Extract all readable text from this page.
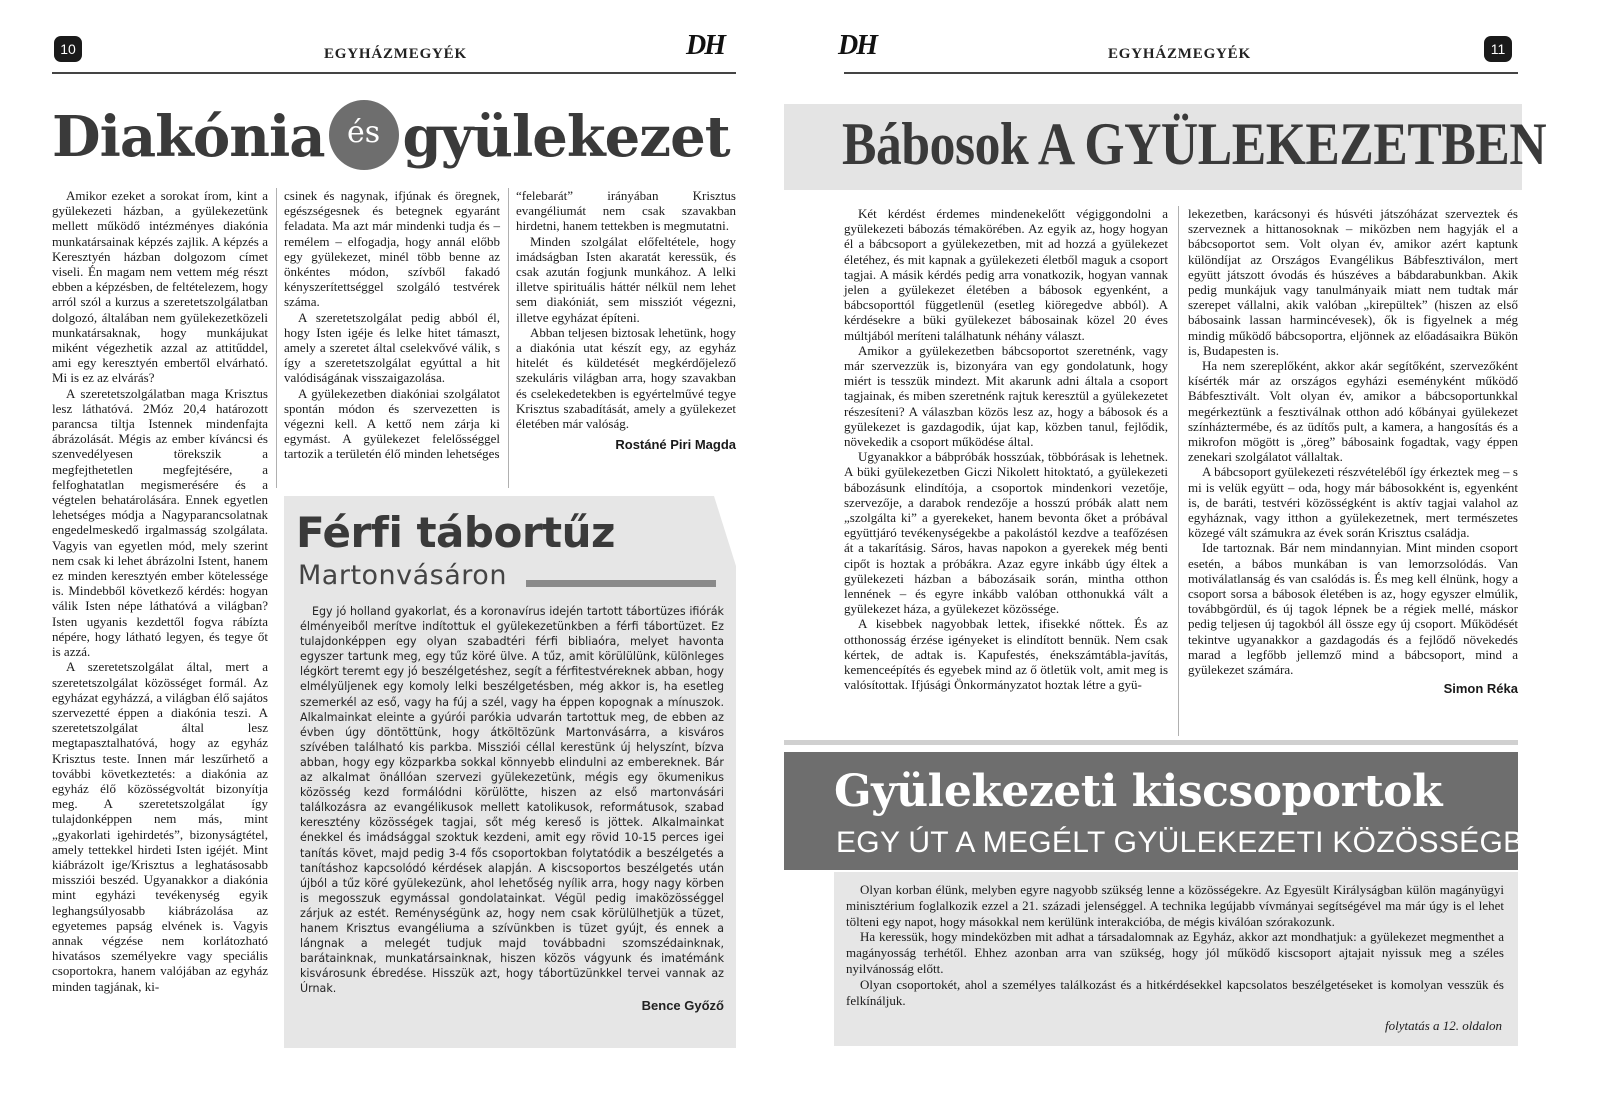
10	EGYHÁZMEGYÉK	DH
Diakónia és gyülekezet

Amikor ezeket a sorokat írom, kint a gyülekezeti házban, a gyülekezetünk mellett működő intézményes diakónia munkatársainak képzés zajlik. A képzés a Keresztyén házban dolgozom címet viseli. Én magam nem vettem még részt ebben a képzésben, de feltételezem, hogy arról szól a kurzus a szeretetszolgálatban dolgozó, általában nem gyülekezetközeli munkatársaknak, hogy munkájukat miként végezhetik azzal az attitűddel, ami egy keresztyén embertől elvárható. Mi is ez az elvárás?

A szeretetszolgálatban maga Krisztus lesz láthatóvá. 2Móz 20,4 határozott parancsa tiltja Istennek mindenfajta ábrázolását. Mégis az ember kíváncsi és szenvedélyesen törekszik a megfejthetetlen megfejtésére, a felfoghatatlan megismerésére és a végtelen behatárolására. Ennek egyetlen lehetséges módja a Nagyparancsolatnak engedelmeskedő irgalmasság szolgálata. Vagyis van egyetlen mód, mely szerint nem csak ki lehet ábrázolni Istent, hanem ez minden keresztyén ember kötelessége is. Mindebből következő kérdés: hogyan válik Isten népe láthatóvá a világban? Isten ugyanis kezdettől fogva rábízta népére, hogy látható legyen, és tegye őt is azzá.

A szeretetszolgálat által, mert a szeretetszolgálat közösséget formál. Az egyházat egyházzá, a világban élő sajátos szervezetté éppen a diakónia teszi. A szeretetszolgálat által lesz megtapasztalhatóvá, hogy az egyház Krisztus teste. Innen már leszűrhető a további következtetés: a diakónia az egyház élő közösségvoltát bizonyítja meg. A szeretetszolgálat így tulajdonképpen nem más, mint „gyakorlati igehirdetés”, bizonyságtétel, amely tettekkel hirdeti Isten igéjét. Mint kiábrázolt ige/Krisztus a leghatásosabb missziói beszéd. Ugyanakkor a diakónia mint egyházi tevékenység egyik leghangsúlyosabb kiábrázolása az egyetemes papság elvének is. Vagyis annak végzése nem korlátozható hivatásos személyekre vagy speciális csoportokra, hanem valójában az egyház minden tagjának, ki-

csinek és nagynak, ifjúnak és öregnek, egészségesnek és betegnek egyaránt feladata. Ma azt már mindenki tudja és – remélem – elfogadja, hogy annál előbb egy gyülekezet, minél több benne az önkéntes módon, szívből fakadó kényszerítettséggel szolgáló testvérek száma.

A szeretetszolgálat pedig abból él, hogy Isten igéje és lelke hitet támaszt, amely a szeretet által cselekvővé válik, s így a szeretetszolgálat egyúttal a hit valódiságának visszaigazolása.

A gyülekezetben diakóniai szolgálatot spontán módon és szervezetten is végezni kell. A kettő nem zárja ki egymást. A gyülekezet felelősséggel tartozik a területén élő minden lehetséges

“felebarát” irányában Krisztus evangéliumát nem csak szavakban hirdetni, hanem tettekben is megmutatni.

Minden szolgálat előfeltétele, hogy imádságban Isten akaratát keressük, és csak azután fogjunk munkához. A lelki illetve spirituális háttér nélkül nem lehet sem diakóniát, sem missziót végezni, illetve egyházat építeni.

Abban teljesen biztosak lehetünk, hogy a diakónia utat készít egy, az egyház hitelét és küldetését megkérdőjelező szekuláris világban arra, hogy szavakban és cselekedetekben is egyértelművé tegye Krisztus szabadítását, amely a gyülekezet életében már valóság.

Rostáné Piri Magda
Férfi tábortűz
Martonvásáron

Egy jó holland gyakorlat, és a koronavírus idején tartott tábortüzes ifiórák élményeiből merítve indítottuk el gyülekezetünkben a férfi tábortüzet. Ez tulajdonképpen egy olyan szabadtéri férfi bibliaóra, melyet havonta egyszer tartunk meg, egy tűz köré ülve. A tűz, amit körülülünk, különleges légkört teremt egy jó beszélgetéshez, segít a férfitestvéreknek abban, hogy elmélyüljenek egy komoly lelki beszélgetésben, még akkor is, ha esetleg szemerkél az eső, vagy ha fúj a szél, vagy ha éppen kopognak a mínuszok. Alkalmainkat eleinte a gyúrói parókia udvarán tartottuk meg, de ebben az évben úgy döntöttünk, hogy átköltözünk Martonvásárra, a kisváros szívében található kis parkba. Missziói céllal kerestünk új helyszínt, bízva abban, hogy egy közparkba sokkal könnyebb elindulni az embereknek. Bár az alkalmat önállóan szervezi gyülekezetünk, mégis egy ökumenikus közösség kezd formálódni körülötte, hiszen az első martonvásári találkozásra az evangélikusok mellett katolikusok, reformátusok, szabad keresztény közösségek tagjai, sőt még kereső is jöttek. Alkalmainkat énekkel és imádsággal szoktuk kezdeni, amit egy rövid 10-15 perces igei tanítás követ, majd pedig 3-4 fős csoportokban folytatódik a beszélgetés a tanításhoz kapcsolódó kérdések alapján. A kiscsoportos beszélgetés után újból a tűz köré gyülekezünk, ahol lehetőség nyílik arra, hogy nagy körben is megosszuk egymással gondolatainkat. Végül pedig imaközösséggel zárjuk az estét. Reménységünk az, hogy nem csak körülülhetjük a tüzet, hanem Krisztus evangéliuma a szívünkben is tüzet gyújt, és ennek a lángnak a melegét tudjuk majd továbbadni szomszédainknak, barátainknak, munkatársainknak, hiszen közös vágyunk és imatémánk kisvárosunk ébredése. Hisszük azt, hogy tábortüzünkkel tervei vannak az Úrnak.

Bence Győző
DH	EGYHÁZMEGYÉK	11
Bábosok A GYÜLEKEZETBEN

Két kérdést érdemes mindenekelőtt végiggondolni a gyülekezeti bábozás témakörében. Az egyik az, hogy hogyan él a bábcsoport a gyülekezetben, mit ad hozzá a gyülekezet életéhez, és mit kapnak a gyülekezeti életből maguk a csoport tagjai. A másik kérdés pedig arra vonatkozik, hogyan vannak jelen a gyülekezet életében a bábosok egyenként, a bábcsoporttól függetlenül (esetleg kiöregedve abból). A kérdésekre a büki gyülekezet bábosainak közel 20 éves múltjából meríteni találhatunk néhány választ.

Amikor a gyülekezetben bábcsoportot szeretnénk, vagy már szervezzük is, bizonyára van egy gondolatunk, hogy miért is tesszük mindezt. Mit akarunk adni általa a csoport tagjainak, és miben szeretnénk rajtuk keresztül a gyülekezetet részesíteni? A válaszban közös lesz az, hogy a bábosok és a gyülekezet is gazdagodik, újat kap, közben tanul, fejlődik, növekedik a csoport működése által.

Ugyanakkor a bábpróbák hosszúak, többórásak is lehetnek. A büki gyülekezetben Giczi Nikolett hitoktató, a gyülekezeti bábozásunk elindítója, a csoportok mindenkori vezetője, szervezője, a darabok rendezője a hosszú próbák alatt nem „szolgálta ki” a gyerekeket, hanem bevonta őket a próbával együttjáró tevékenységekbe a pakolástól kezdve a teafőzésen át a takarításig. Sáros, havas napokon a gyerekek még benti cipőt is hoztak a próbákra. Azaz egyre inkább úgy éltek a gyülekezeti házban a bábozásaik során, mintha otthon lennének – és egyre inkább valóban otthonukká vált a gyülekezet háza, a gyülekezet közössége.

A kisebbek nagyobbak lettek, ifisekké nőttek. És az otthonosság érzése igényeket is elindított bennük. Nem csak kértek, de adtak is. Kapufestés, énekszámtábla-javítás, kemenceépítés és egyebek mind az ő ötletük volt, amit meg is valósítottak. Ifjúsági Önkormányzatot hoztak létre a gyü-

lekezetben, karácsonyi és húsvéti játszóházat szerveztek és szerveznek a hittanosoknak – miközben nem hagyják el a bábcsoportot sem. Volt olyan év, amikor azért kaptunk különdíjat az Országos Evangélikus Bábfesztiválon, mert együtt játszott óvodás és húszéves a bábdarabunkban. Akik pedig munkájuk vagy tanulmányaik miatt nem tudtak már szerepet vállalni, akik valóban „kirepültek” (hiszen az első bábosaink lassan harmincévesek), ők is figyelnek a még mindig működő bábcsoportra, eljönnek az előadásaikra Bükön is, Budapesten is.

Ha nem szereplőként, akkor akár segítőként, szervezőként kísérték már az országos egyházi eseményként működő Bábfesztivált. Volt olyan év, amikor a bábcsoportunkkal megérkeztünk a fesztiválnak otthon adó kőbányai gyülekezet színháztermébe, és az üdítős pult, a kamera, a hangosítás és a mikrofon mögött is „öreg” bábosaink fogadtak, vagy éppen zenekari szolgálatot vállaltak.

A bábcsoport gyülekezeti részvételéből így érkeztek meg – s mi is velük együtt – oda, hogy már bábosokként is, egyenként is, de baráti, testvéri közösségként is aktív tagjai valahol az egyháznak, vagy itthon a gyülekezetnek, mert természetes közegé vált számukra az évek során Krisztus családja.

Ide tartoznak. Bár nem mindannyian. Mint minden csoport esetén, a bábos munkában is van lemorzsolódás. Van motiválatlanság és van csalódás is. És meg kell élnünk, hogy a csoport sorsa a bábosok életében is az, hogy egyszer elmúlik, továbbgördül, és új tagok lépnek be a régiek mellé, máskor pedig teljesen új tagokból áll össze egy új csoport. Működését tekintve ugyanakkor a gazdagodás és a fejlődő növekedés marad a legfőbb jellemző mind a bábcsoport, mind a gyülekezet számára.

Simon Réka
Gyülekezeti kiscsoportok
EGY ÚT A MEGÉLT GYÜLEKEZETI KÖZÖSSÉGBE

Olyan korban élünk, melyben egyre nagyobb szükség lenne a közösségekre. Az Egyesült Királyságban külön magányügyi minisztérium foglalkozik ezzel a 21. századi jelenséggel. A technika legújabb vívmányai segítségével ma már úgy is el lehet tölteni egy napot, hogy másokkal nem kerülünk interakcióba, de mégis kiválóan szórakozunk.

Ha keressük, hogy mindeközben mit adhat a társadalomnak az Egyház, akkor azt mondhatjuk: a gyülekezet megmenthet a magányosság terhétől. Ehhez azonban arra van szükség, hogy jól működő kiscsoport ajtajait nyissuk meg a széles nyilvánosság előtt.

Olyan csoportokét, ahol a személyes találkozást és a hitkérdésekkel kapcsolatos beszélgetéseket is komolyan vesszük és felkínáljuk.

folytatás a 12. oldalon
